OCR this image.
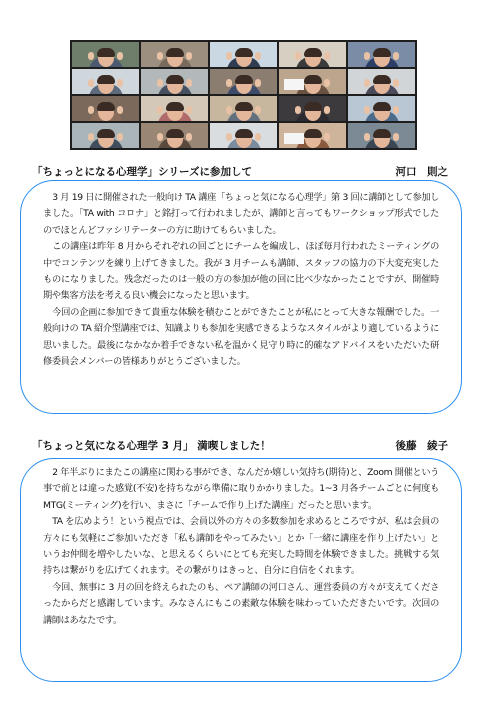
「ちょっとになる心理学」シリーズに参加して	河口　則之

3 月 19 日に開催された一般向け TA 講座「ちょっと気になる心理学」第 3 回に講師として参加しました。「TA with コロナ」と銘打って行われましたが、講師と言ってもワークショップ形式でしたのでほとんどファシリテーターの方に助けてもらいました。

この講座は昨年 8 月からそれぞれの回ごとにチームを編成し、ほぼ毎月行われたミーティングの中でコンテンツを練り上げてきました。我が 3 月チームも講師、スタッフの協力の下大変充実したものになりました。残念だったのは一般の方の参加が他の回に比べ少なかったことですが、開催時期や集客方法を考える良い機会になったと思います。

今回の企画に参加できて貴重な体験を積むことができたことが私にとって大きな報酬でした。一般向けの TA 紹介型講座では、知識よりも参加を実感できるようなスタイルがより適しているように思いました。最後になかなか着手できない私を温かく見守り時に的確なアドバイスをいただいた研修委員会メンバーの皆様ありがとうございました。

「ちょっと気になる心理学 3 月」 満喫しました！	後藤　綾子

2 年半ぶりにまたこの講座に関わる事ができ、なんだか嬉しい気持ち(期待)と、Zoom 開催という事で前とは違った感覚(不安)を持ちながら準備に取りかかりました。1~3 月各チームごとに何度も MTG(ミーティング)を行い、まさに「チームで作り上げた講座」だったと思います。

TA を広めよう！という視点では、会員以外の方々の多数参加を求めるところですが、私は会員の方々にも気軽にご参加いただき「私も講師をやってみたい」とか「一緒に講座を作り上げたい」というお仲間を増やしたいな、と思えるくらいにとても充実した時間を体験できました。挑戦する気持ちは繋がりを広げてくれます。その繋がりはきっと、自分に自信をくれます。

今回、無事に 3 月の回を終えられたのも、ペア講師の河口さん、運営委員の方々が支えてくださったからだと感謝しています。みなさんにもこの素敵な体験を味わっていただきたいです。次回の講師はあなたです。
